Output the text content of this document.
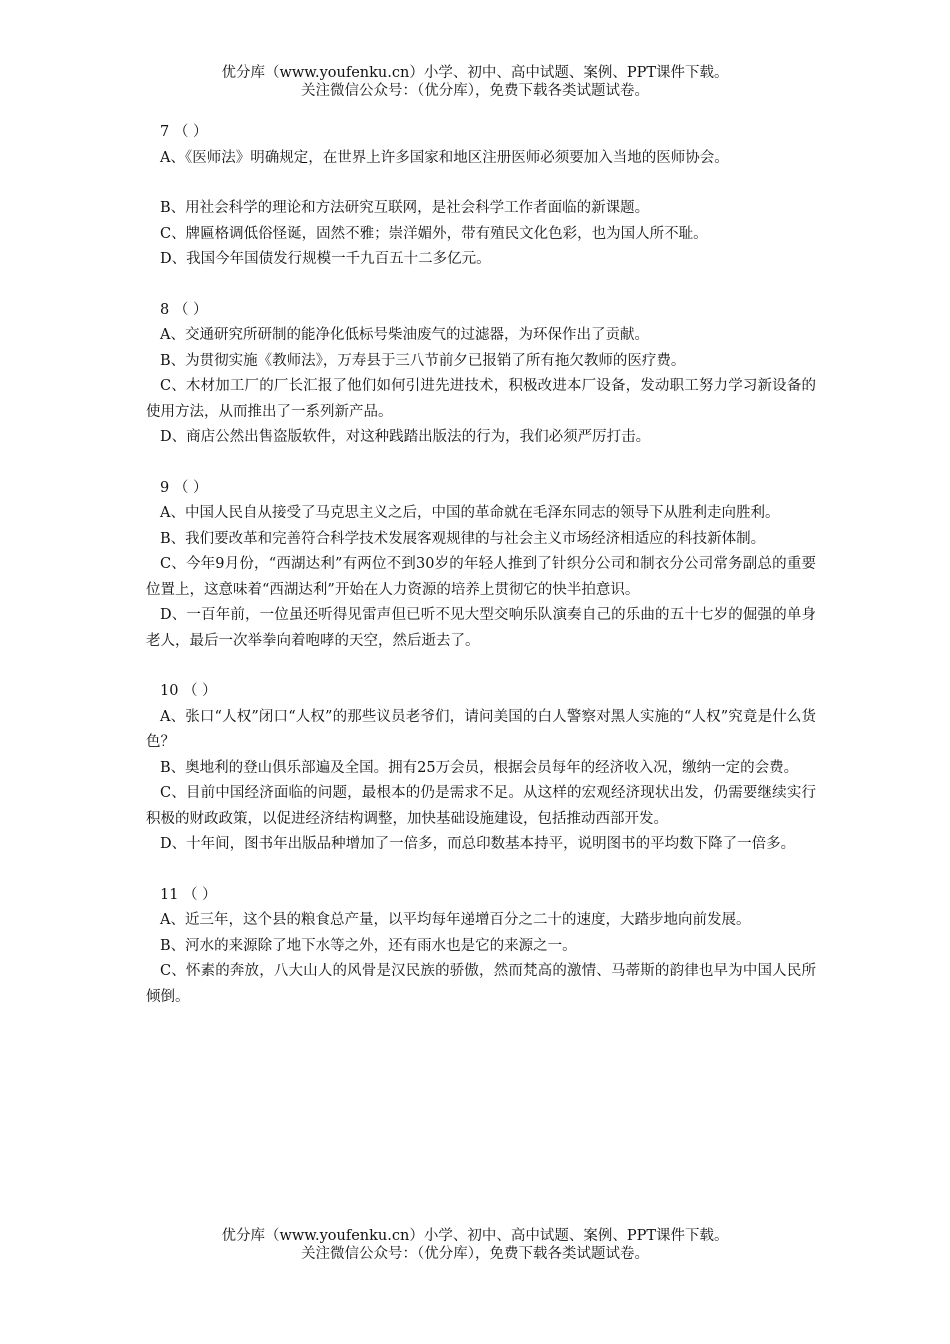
优分库（www.youfenku.cn）小学、初中、高中试题、案例、PPT课件下载。
关注微信公众号：（优分库），免费下载各类试题试卷。
7 （ ）
A、《医师法》明确规定，在世界上许多国家和地区注册医师必须要加入当地的医师协会。
B、用社会科学的理论和方法研究互联网，是社会科学工作者面临的新课题。
C、牌匾格调低俗怪诞，固然不雅；崇洋媚外，带有殖民文化色彩，也为国人所不耻。
D、我国今年国债发行规模一千九百五十二多亿元。
8 （ ）
A、交通研究所研制的能净化低标号柴油废气的过滤器，为环保作出了贡献。
B、为贯彻实施《教师法》，万寿县于三八节前夕已报销了所有拖欠教师的医疗费。
C、木材加工厂的厂长汇报了他们如何引进先进技术，积极改进本厂设备，发动职工努力学习新设备的使用方法，从而推出了一系列新产品。
D、商店公然出售盗版软件，对这种践踏出版法的行为，我们必须严厉打击。
9 （ ）
A、中国人民自从接受了马克思主义之后，中国的革命就在毛泽东同志的领导下从胜利走向胜利。
B、我们要改革和完善符合科学技术发展客观规律的与社会主义市场经济相适应的科技新体制。
C、今年9月份，“西湖达利”有两位不到30岁的年轻人推到了针织分公司和制衣分公司常务副总的重要位置上，这意味着“西湖达利”开始在人力资源的培养上贯彻它的快半拍意识。
D、一百年前，一位虽还听得见雷声但已听不见大型交响乐队演奏自己的乐曲的五十七岁的倔强的单身老人，最后一次举拳向着咆哮的天空，然后逝去了。
10 （ ）
A、张口“人权”闭口“人权”的那些议员老爷们，请问美国的白人警察对黑人实施的“人权”究竟是什么货色？
B、奥地利的登山俱乐部遍及全国。拥有25万会员，根据会员每年的经济收入况，缴纳一定的会费。
C、目前中国经济面临的问题，最根本的仍是需求不足。从这样的宏观经济现状出发，仍需要继续实行积极的财政政策，以促进经济结构调整，加快基础设施建设，包括推动西部开发。
D、十年间，图书年出版品种增加了一倍多，而总印数基本持平，说明图书的平均数下降了一倍多。
11 （ ）
A、近三年，这个县的粮食总产量，以平均每年递增百分之二十的速度，大踏步地向前发展。
B、河水的来源除了地下水等之外，还有雨水也是它的来源之一。
C、怀素的奔放，八大山人的风骨是汉民族的骄傲，然而梵高的激情、马蒂斯的韵律也早为中国人民所倾倒。
优分库（www.youfenku.cn）小学、初中、高中试题、案例、PPT课件下载。
关注微信公众号：（优分库），免费下载各类试题试卷。
